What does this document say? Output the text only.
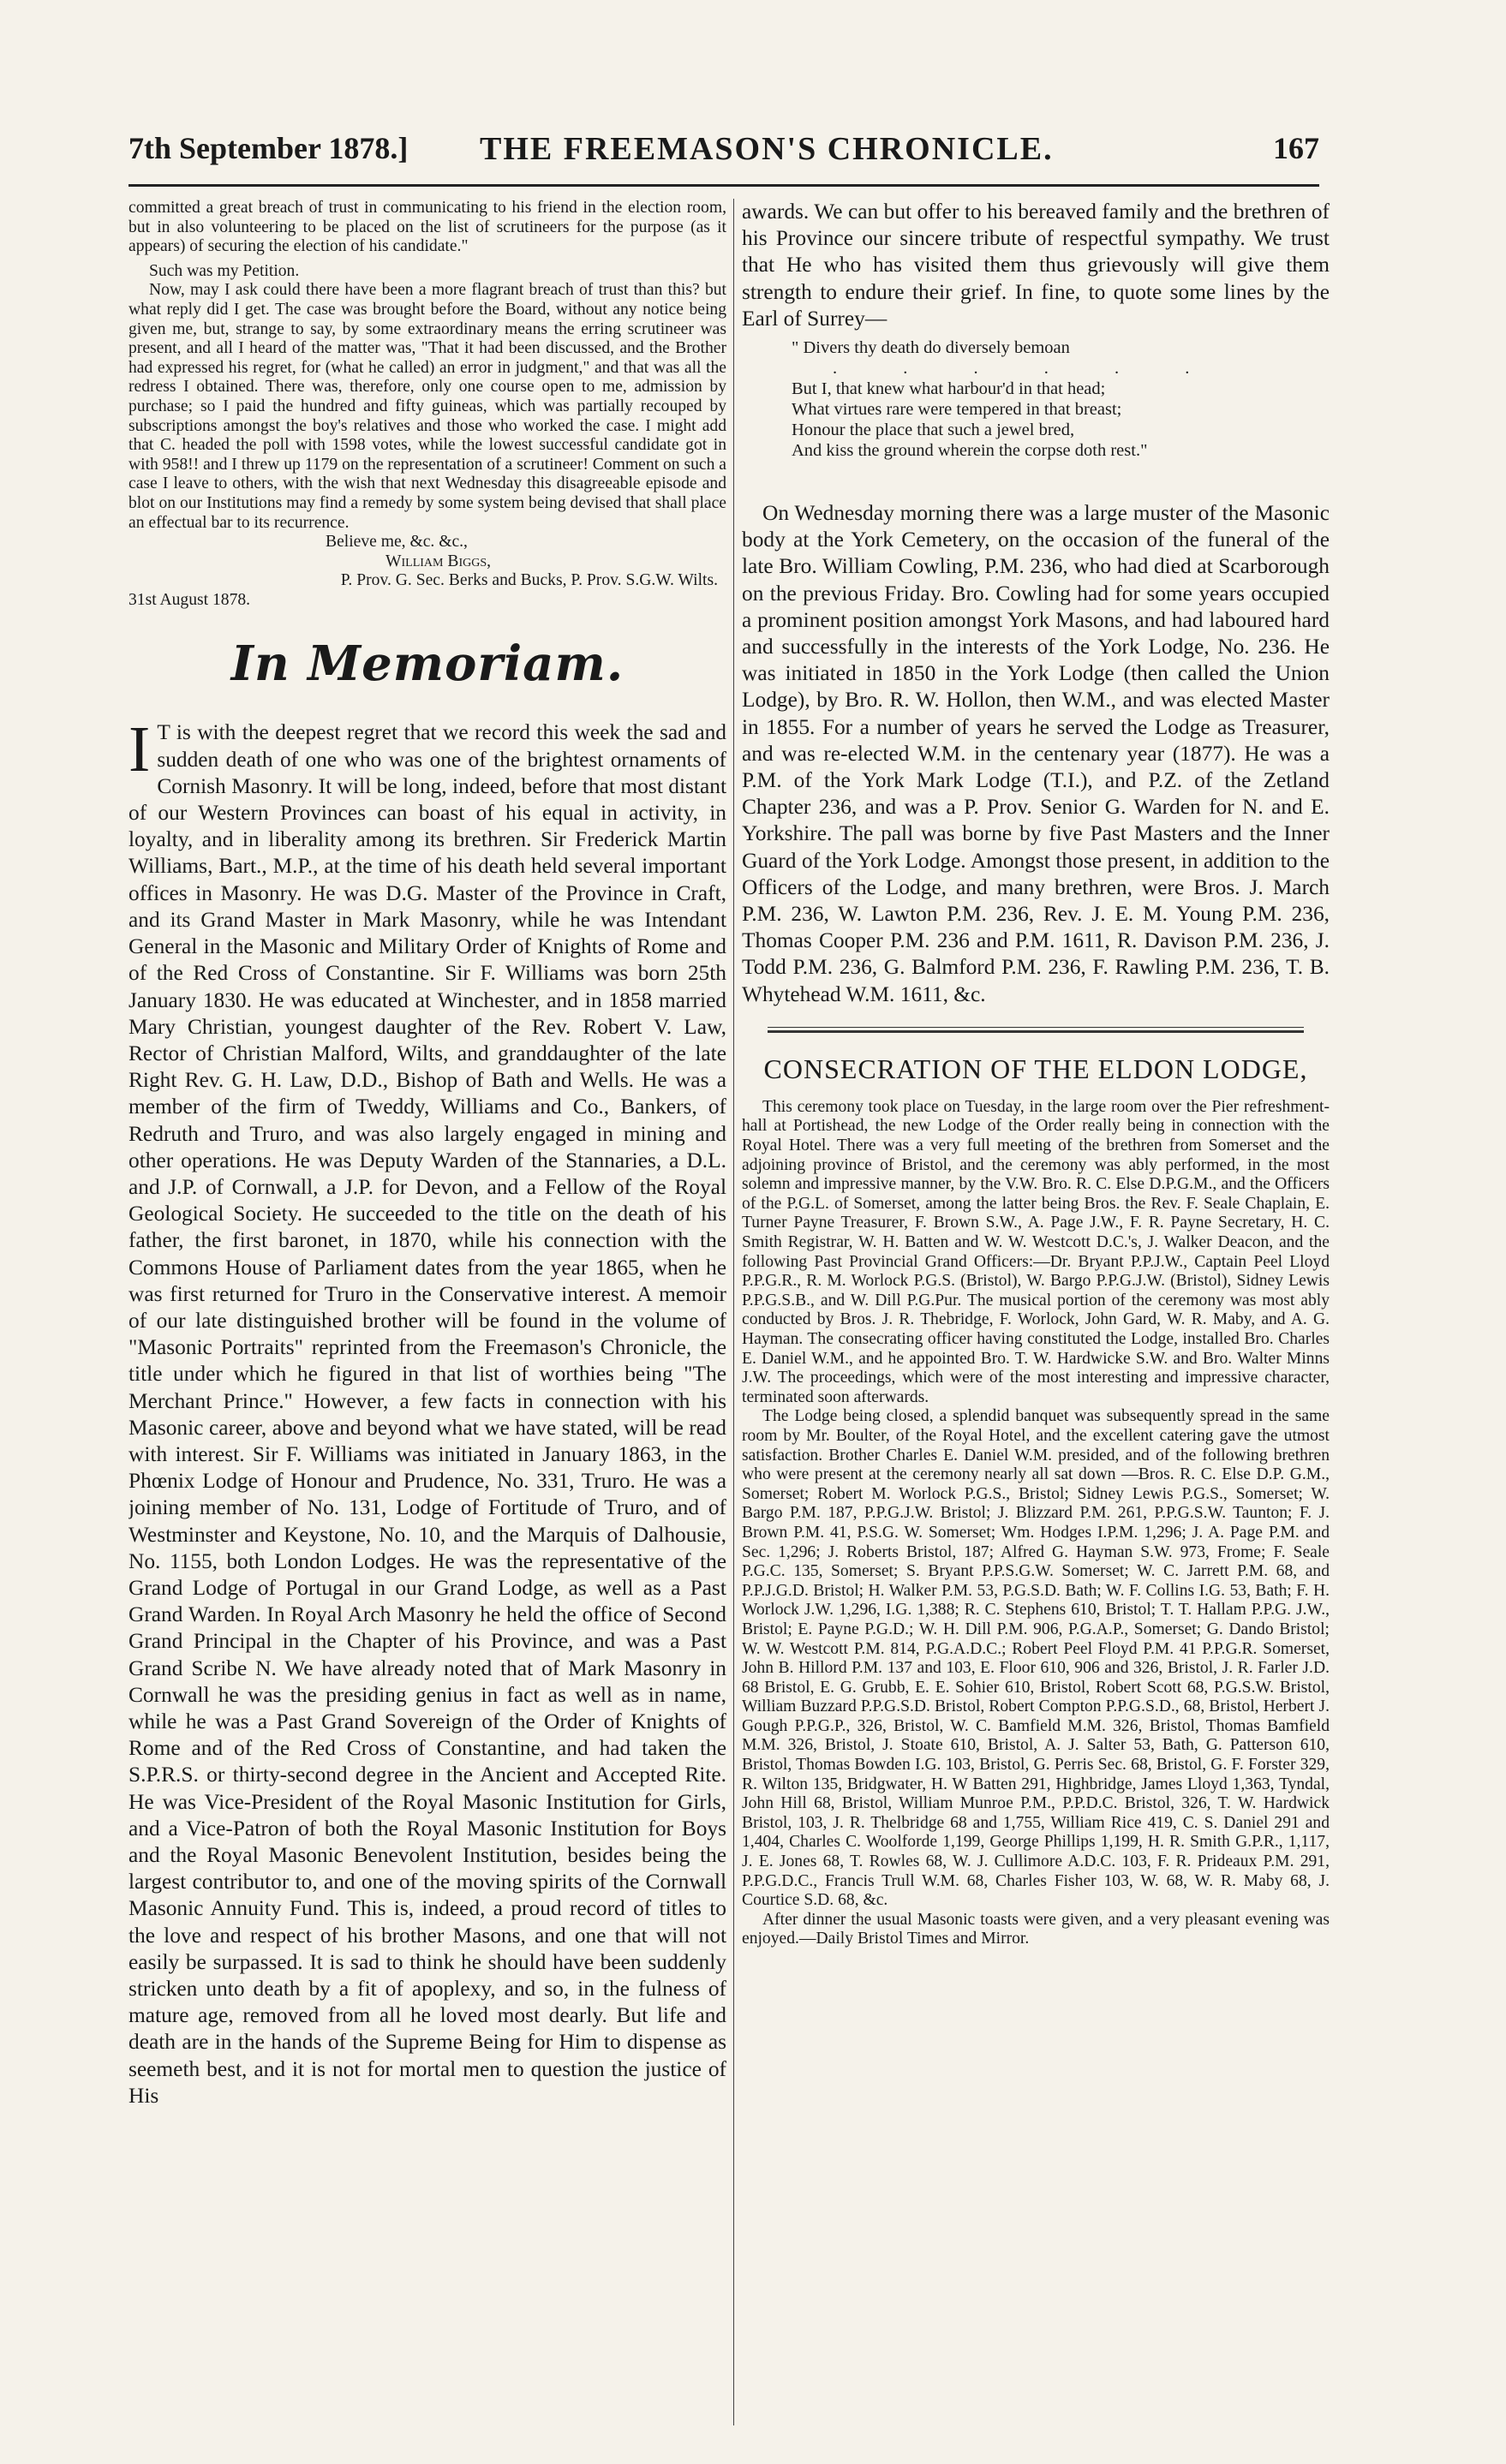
7th September 1878.] THE FREEMASON'S CHRONICLE.	167

committed a great breach of trust in communicating to his friend in the election room, but in also volunteering to be placed on the list of scrutineers for the purpose (as it appears) of securing the election of his candidate."

Such was my Petition.

Now, may I ask could there have been a more flagrant breach of trust than this? but what reply did I get. The case was brought before the Board, without any notice being given me, but, strange to say, by some extraordinary means the erring scrutineer was present, and all I heard of the matter was, "That it had been discussed, and the Brother had expressed his regret, for (what he called) an error in judgment," and that was all the redress I obtained. There was, therefore, only one course open to me, admission by purchase; so I paid the hundred and fifty guineas, which was partially recouped by subscriptions amongst the boy's relatives and those who worked the case. I might add that C. headed the poll with 1598 votes, while the lowest successful candidate got in with 958!! and I threw up 1179 on the representation of a scrutineer! Comment on such a case I leave to others, with the wish that next Wednesday this disagreeable episode and blot on our Institutions may find a remedy by some system being devised that shall place an effectual bar to its recurrence.

Believe me, &c. &c.,

William Biggs,

P. Prov. G. Sec. Berks and Bucks, P. Prov. S.G.W. Wilts.

31st August 1878.

In Memoriam.
I T is with the deepest regret that we record this week the sad and sudden death of one who was one of the brightest ornaments of Cornish Masonry. It will be long, indeed, before that most distant of our Western Provinces can boast of his equal in activity, in loyalty, and in liberality among its brethren. Sir Frederick Martin Williams, Bart., M.P., at the time of his death held several important offices in Masonry. He was D.G. Master of the Province in Craft, and its Grand Master in Mark Masonry, while he was Intendant General in the Masonic and Military Order of Knights of Rome and of the Red Cross of Constantine. Sir F. Williams was born 25th January 1830. He was educated at Winchester, and in 1858 married Mary Christian, youngest daughter of the Rev. Robert V. Law, Rector of Christian Malford, Wilts, and granddaughter of the late Right Rev. G. H. Law, D.D., Bishop of Bath and Wells. He was a member of the firm of Tweddy, Williams and Co., Bankers, of Redruth and Truro, and was also largely engaged in mining and other operations. He was Deputy Warden of the Stannaries, a D.L. and J.P. of Cornwall, a J.P. for Devon, and a Fellow of the Royal Geological Society. He succeeded to the title on the death of his father, the first baronet, in 1870, while his connection with the Commons House of Parliament dates from the year 1865, when he was first returned for Truro in the Conservative interest. A memoir of our late distinguished brother will be found in the volume of "Masonic Portraits" reprinted from the Freemason's Chronicle, the title under which he figured in that list of worthies being "The Merchant Prince." However, a few facts in connection with his Masonic career, above and beyond what we have stated, will be read with interest. Sir F. Williams was initiated in January 1863, in the Phœnix Lodge of Honour and Prudence, No. 331, Truro. He was a joining member of No. 131, Lodge of Fortitude of Truro, and of Westminster and Keystone, No. 10, and the Marquis of Dalhousie, No. 1155, both London Lodges. He was the representative of the Grand Lodge of Portugal in our Grand Lodge, as well as a Past Grand Warden. In Royal Arch Masonry he held the office of Second Grand Principal in the Chapter of his Province, and was a Past Grand Scribe N. We have already noted that of Mark Masonry in Cornwall he was the presiding genius in fact as well as in name, while he was a Past Grand Sovereign of the Order of Knights of Rome and of the Red Cross of Constantine, and had taken the S.P.R.S. or thirty-second degree in the Ancient and Accepted Rite. He was Vice-President of the Royal Masonic Institution for Girls, and a Vice-Patron of both the Royal Masonic Institution for Boys and the Royal Masonic Benevolent Institution, besides being the largest contributor to, and one of the moving spirits of the Cornwall Masonic Annuity Fund. This is, indeed, a proud record of titles to the love and respect of his brother Masons, and one that will not easily be surpassed. It is sad to think he should have been suddenly stricken unto death by a fit of apoplexy, and so, in the fulness of mature age, removed from all he loved most dearly. But life and death are in the hands of the Supreme Being for Him to dispense as seemeth best, and it is not for mortal men to question the justice of His

awards. We can but offer to his bereaved family and the brethren of his Province our sincere tribute of respectful sympathy. We trust that He who has visited them thus grievously will give them strength to endure their grief. In fine, to quote some lines by the Earl of Surrey—

" Divers thy death do diversely bemoan

. . . . . .

But I, that knew what harbour'd in that head;

What virtues rare were tempered in that breast;

Honour the place that such a jewel bred,

And kiss the ground wherein the corpse doth rest."

On Wednesday morning there was a large muster of the Masonic body at the York Cemetery, on the occasion of the funeral of the late Bro. William Cowling, P.M. 236, who had died at Scarborough on the previous Friday. Bro. Cowling had for some years occupied a prominent position amongst York Masons, and had laboured hard and successfully in the interests of the York Lodge, No. 236. He was initiated in 1850 in the York Lodge (then called the Union Lodge), by Bro. R. W. Hollon, then W.M., and was elected Master in 1855. For a number of years he served the Lodge as Treasurer, and was re-elected W.M. in the centenary year (1877). He was a P.M. of the York Mark Lodge (T.I.), and P.Z. of the Zetland Chapter 236, and was a P. Prov. Senior G. Warden for N. and E. Yorkshire. The pall was borne by five Past Masters and the Inner Guard of the York Lodge. Amongst those present, in addition to the Officers of the Lodge, and many brethren, were Bros. J. March P.M. 236, W. Lawton P.M. 236, Rev. J. E. M. Young P.M. 236, Thomas Cooper P.M. 236 and P.M. 1611, R. Davison P.M. 236, J. Todd P.M. 236, G. Balmford P.M. 236, F. Rawling P.M. 236, T. B. Whytehead W.M. 1611, &c.

CONSECRATION OF THE ELDON LODGE,

This ceremony took place on Tuesday, in the large room over the Pier refreshment-hall at Portishead, the new Lodge of the Order really being in connection with the Royal Hotel. There was a very full meeting of the brethren from Somerset and the adjoining province of Bristol, and the ceremony was ably performed, in the most solemn and impressive manner, by the V.W. Bro. R. C. Else D.P.G.M., and the Officers of the P.G.L. of Somerset, among the latter being Bros. the Rev. F. Seale Chaplain, E. Turner Payne Treasurer, F. Brown S.W., A. Page J.W., F. R. Payne Secretary, H. C. Smith Registrar, W. H. Batten and W. W. Westcott D.C.'s, J. Walker Deacon, and the following Past Provincial Grand Officers:—Dr. Bryant P.P.J.W., Captain Peel Lloyd P.P.G.R., R. M. Worlock P.G.S. (Bristol), W. Bargo P.P.G.J.W. (Bristol), Sidney Lewis P.P.G.S.B., and W. Dill P.G.Pur. The musical portion of the ceremony was most ably conducted by Bros. J. R. Thebridge, F. Worlock, John Gard, W. R. Maby, and A. G. Hayman. The consecrating officer having constituted the Lodge, installed Bro. Charles E. Daniel W.M., and he appointed Bro. T. W. Hardwicke S.W. and Bro. Walter Minns J.W. The proceedings, which were of the most interesting and impressive character, terminated soon afterwards.

The Lodge being closed, a splendid banquet was subsequently spread in the same room by Mr. Boulter, of the Royal Hotel, and the excellent catering gave the utmost satisfaction. Brother Charles E. Daniel W.M. presided, and of the following brethren who were present at the ceremony nearly all sat down —Bros. R. C. Else D.P. G.M., Somerset; Robert M. Worlock P.G.S., Bristol; Sidney Lewis P.G.S., Somerset; W. Bargo P.M. 187, P.P.G.J.W. Bristol; J. Blizzard P.M. 261, P.P.G.S.W. Taunton; F. J. Brown P.M. 41, P.S.G. W. Somerset; Wm. Hodges I.P.M. 1,296; J. A. Page P.M. and Sec. 1,296; J. Roberts Bristol, 187; Alfred G. Hayman S.W. 973, Frome; F. Seale P.G.C. 135, Somerset; S. Bryant P.P.S.G.W. Somerset; W. C. Jarrett P.M. 68, and P.P.J.G.D. Bristol; H. Walker P.M. 53, P.G.S.D. Bath; W. F. Collins I.G. 53, Bath; F. H. Worlock J.W. 1,296, I.G. 1,388; R. C. Stephens 610, Bristol; T. T. Hallam P.P.G. J.W., Bristol; E. Payne P.G.D.; W. H. Dill P.M. 906, P.G.A.P., Somerset; G. Dando Bristol; W. W. Westcott P.M. 814, P.G.A.D.C.; Robert Peel Floyd P.M. 41 P.P.G.R. Somerset, John B. Hillord P.M. 137 and 103, E. Floor 610, 906 and 326, Bristol, J. R. Farler J.D. 68 Bristol, E. G. Grubb, E. E. Sohier 610, Bristol, Robert Scott 68, P.G.S.W. Bristol, William Buzzard P.P.G.S.D. Bristol, Robert Compton P.P.G.S.D., 68, Bristol, Herbert J. Gough P.P.G.P., 326, Bristol, W. C. Bamfield M.M. 326, Bristol, Thomas Bamfield M.M. 326, Bristol, J. Stoate 610, Bristol, A. J. Salter 53, Bath, G. Patterson 610, Bristol, Thomas Bowden I.G. 103, Bristol, G. Perris Sec. 68, Bristol, G. F. Forster 329, R. Wilton 135, Bridgwater, H. W Batten 291, Highbridge, James Lloyd 1,363, Tyndal, John Hill 68, Bristol, William Munroe P.M., P.P.D.C. Bristol, 326, T. W. Hardwick Bristol, 103, J. R. Thelbridge 68 and 1,755, William Rice 419, C. S. Daniel 291 and 1,404, Charles C. Woolforde 1,199, George Phillips 1,199, H. R. Smith G.P.R., 1,117, J. E. Jones 68, T. Rowles 68, W. J. Cullimore A.D.C. 103, F. R. Prideaux P.M. 291, P.P.G.D.C., Francis Trull W.M. 68, Charles Fisher 103, W. 68, W. R. Maby 68, J. Courtice S.D. 68, &c.

After dinner the usual Masonic toasts were given, and a very pleasant evening was enjoyed.—Daily Bristol Times and Mirror.
